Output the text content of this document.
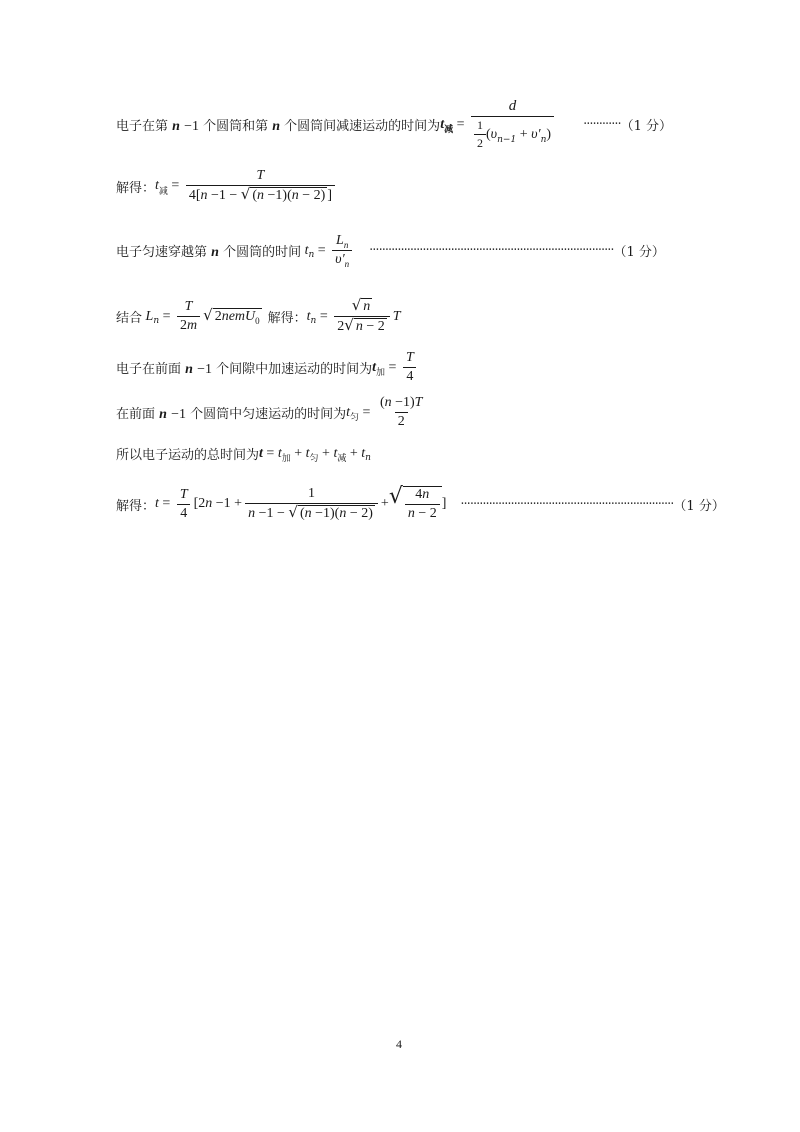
电子在第 n −1 个圆筒和第 n 个圆筒间减速运动的时间为 $t_减 = \frac{d}{\frac{1}{2} (\upsilon_{n-1} + \upsilon'_n)}$ ············ （1 分）
解得： t 减 = $\frac{T}{4[n -1 - √ (n -1)(n - 2) ]}$
电子匀速穿越第 n 个圆筒的时间 t $n = \frac{L_n}{\upsilon'_n}$ ·············································································· （1 分）
结合 L $n = \frac{T}{2m}$ √ 2nemU$_0$ 解得： t $n = \frac{√ n}{2 √ n - 2}$ T
电子在前面 n −1 个间隙中加速运动的时间为 t 加 = $\frac{T}{4}$
在前面 n −1 个圆筒中匀速运动的时间为 t 匀 = $\frac{(n -1)T}{2}$
所以电子运动的总时间为 t = t 加 + t 匀 + t 减 + t n
解得： $t = \frac{T}{4} [2n -1 + \frac{1}{n -1 - √ (n -1)(n - 2)}$ + √ $\frac{4n}{n - 2}$ ] ···································································· （1 分）
4
